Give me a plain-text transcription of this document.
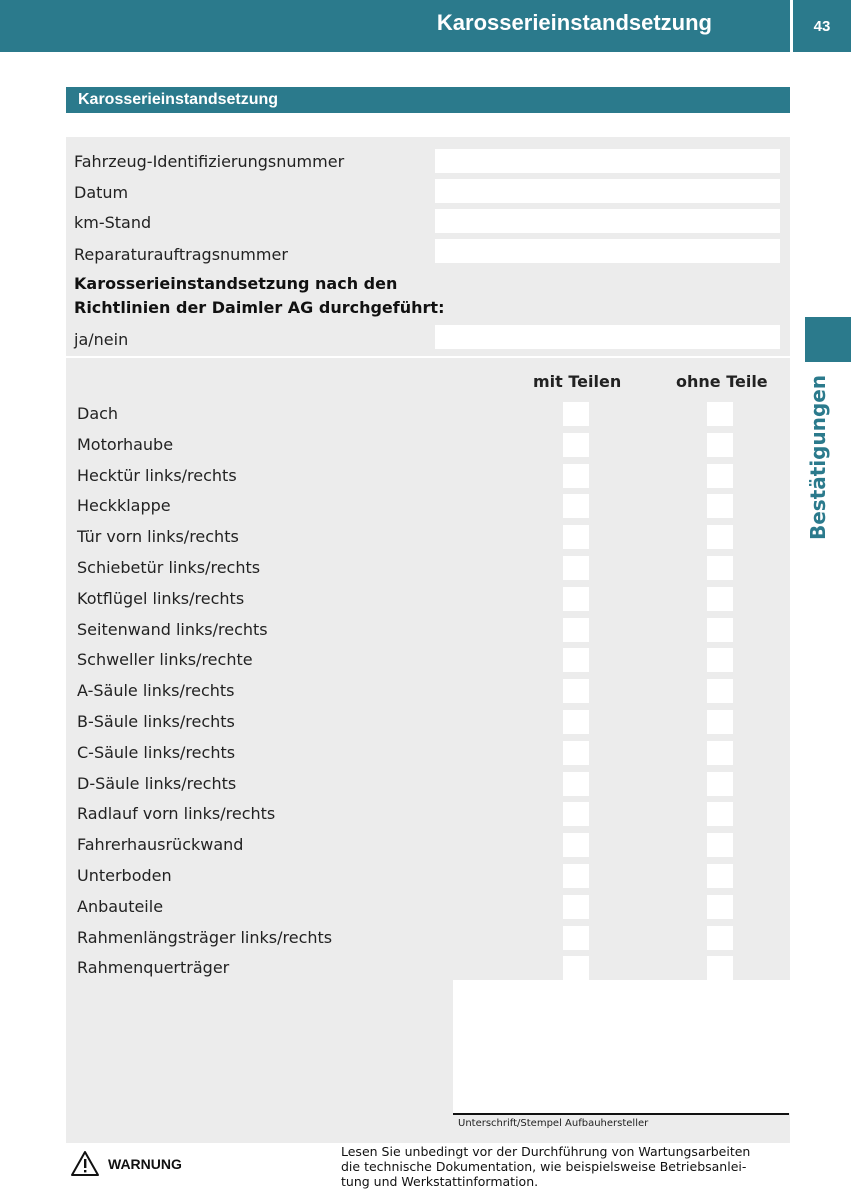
Karosserieinstandsetzung	43
Bestätigungen
Karosserieinstandsetzung
Fahrzeug-Identifizierungsnummer
Datum
km-Stand
Reparaturauftragsnummer
Karosserieinstandsetzung nach den
Richtlinien der Daimler AG durchgeführt:
ja/nein
mit Teilen	ohne Teile
Dach
Motorhaube
Hecktür links/rechts
Heckklappe
Tür vorn links/rechts
Schiebetür links/rechts
Kotflügel links/rechts
Seitenwand links/rechts
Schweller links/rechte
A-Säule links/rechts
B-Säule links/rechts
C-Säule links/rechts
D-Säule links/rechts
Radlauf vorn links/rechts
Fahrerhausrückwand
Unterboden
Anbauteile
Rahmenlängsträger links/rechts
Rahmenquerträger
Unterschrift/Stempel Aufbauhersteller
WARNUNG
Lesen Sie unbedingt vor der Durchführung von Wartungsarbeiten
die technische Dokumentation, wie beispielsweise Betriebsanlei-
tung und Werkstattinformation.
